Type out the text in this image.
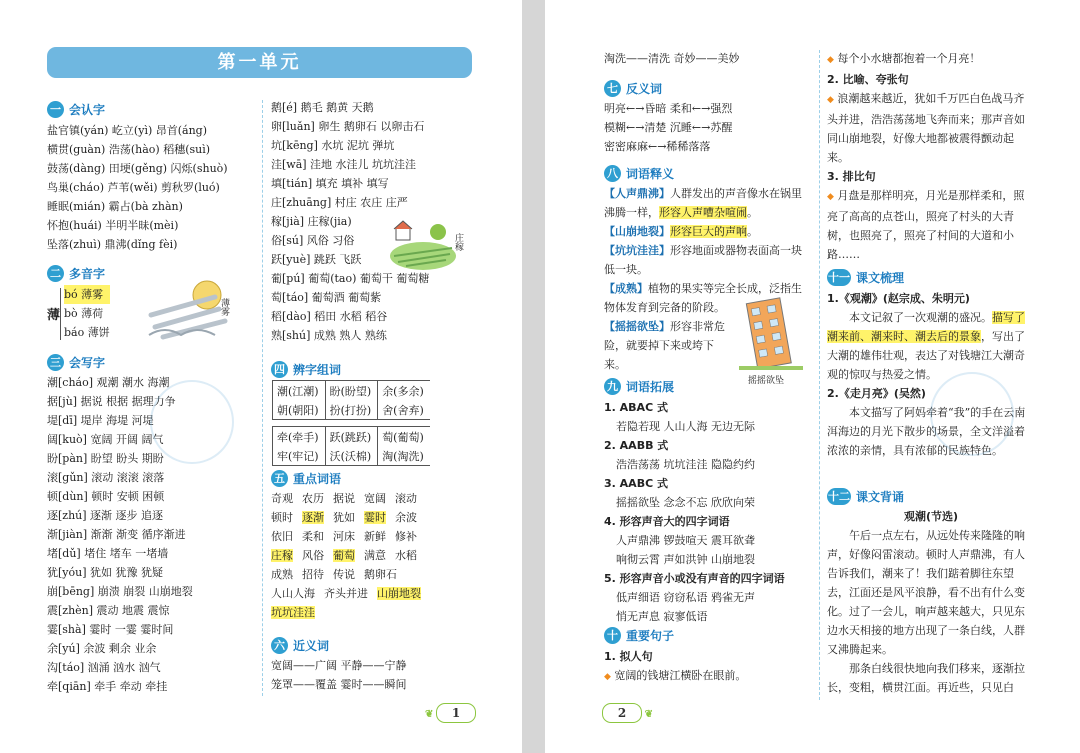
第一单元
一 会认字
盐官镇(yán) 屹立(yì) 昂首(áng)
横贯(guàn) 浩荡(hào) 稻穗(suì)
鼓荡(dàng) 田埂(gěng) 闪烁(shuò)
鸟巢(cháo) 芦苇(wěi) 剪秋罗(luó)
睡眠(mián) 霸占(bà zhàn)
怀抱(huái) 半明半昧(mèi)
坠落(zhuì) 鼎沸(dǐng fèi)
二 多音字
薄
bó 薄雾
bò 薄荷
báo 薄饼
薄雾
三 会写字
潮[cháo] 观潮 潮水 海潮
据[jù] 据说 根据 据理力争
堤[dī] 堤岸 海堤 河堤
阔[kuò] 宽阔 开阔 阔气
盼[pàn] 盼望 盼头 期盼
滚[gǔn] 滚动 滚滚 滚落
顿[dùn] 顿时 安顿 困顿
逐[zhú] 逐渐 逐步 追逐
渐[jiàn] 渐渐 渐变 循序渐进
堵[dǔ] 堵住 堵车 一堵墙
犹[yóu] 犹如 犹豫 犹疑
崩[bēng] 崩溃 崩裂 山崩地裂
震[zhèn] 震动 地震 震惊
霎[shà] 霎时 一霎 霎时间
余[yú] 余波 剩余 业余
沟[táo] 汹涌 汹水 汹气
牵[qiān] 牵手 牵动 牵挂
鹅[é] 鹅毛 鹅黄 天鹅
卵[luǎn] 卵生 鹅卵石 以卵击石
坑[kēng] 水坑 泥坑 弹坑
洼[wā] 洼地 水洼儿 坑坑洼洼
填[tián] 填充 填补 填写
庄[zhuāng] 村庄 农庄 庄严
稼[jià] 庄稼(jia)
俗[sú] 风俗 习俗
跃[yuè] 跳跃 飞跃
葡[pú] 葡萄(tao) 葡萄干 葡萄糖
萄[táo] 葡萄酒 葡萄紫
稻[dào] 稻田 水稻 稻谷
熟[shú] 成熟 熟人 熟练
庄稼
四 辨字组词
潮(江潮)	盼(盼望)	余(多余)
朝(朝阳)	扮(打扮)	舍(舍弃)
牵(牵手)	跃(跳跃)	萄(葡萄)
牢(牢记)	沃(沃棉)	淘(淘洗)
五 重点词语
奇观 农历 据说 宽阔 滚动
顿时 逐渐 犹如 霎时 余波
依旧 柔和 河床 新鲜 修补
庄稼 风俗 葡萄 满意 水稻
成熟 招待 传说 鹅卵石
人山人海 齐头并进 山崩地裂
坑坑洼洼
六 近义词
宽阔——广阔 平静——宁静
笼罩——覆盖 霎时——瞬间
❦ 1
淘洗——清洗 奇妙——美妙
七 反义词
明亮←→昏暗 柔和←→强烈
模糊←→清楚 沉睡←→苏醒
密密麻麻←→稀稀落落
八 词语释义
【人声鼎沸】人群发出的声音像水在锅里沸腾一样，形容人声嘈杂喧闹。
【山崩地裂】形容巨大的声响。
【坑坑洼洼】形容地面或器物表面高一块低一块。
【成熟】植物的果实等完全长成，泛指生物体发育到完备的阶段。
【摇摇欲坠】形容非常危险，就要掉下来或垮下来。
摇摇欲坠
九 词语拓展
1. ABAC 式
若隐若现 人山人海 无边无际
2. AABB 式
浩浩荡荡 坑坑洼洼 隐隐约约
3. AABC 式
摇摇欲坠 念念不忘 欣欣向荣
4. 形容声音大的四字词语
人声鼎沸 锣鼓喧天 震耳欲聋
响彻云霄 声如洪钟 山崩地裂
5. 形容声音小或没有声音的四字词语
低声细语 窃窃私语 鸦雀无声
悄无声息 寂寥低语
十 重要句子
1. 拟人句
◆ 宽阔的钱塘江横卧在眼前。
◆ 每个小水塘都抱着一个月亮！
2. 比喻、夸张句
◆ 浪潮越来越近，犹如千万匹白色战马齐头并进，浩浩荡荡地飞奔而来；那声音如同山崩地裂，好像大地都被震得颤动起来。
3. 排比句
◆ 月盘是那样明亮，月光是那样柔和，照亮了高高的点苍山，照亮了村头的大青树，也照亮了，照亮了村间的大道和小路……
十一 课文梳理
1.《观潮》(赵宗成、朱明元)
本文记叙了一次观潮的盛况。描写了潮来前、潮来时、潮去后的景象，写出了大潮的雄伟壮观，表达了对钱塘江大潮奇观的惊叹与热爱之情。
2.《走月亮》(吴然)
本文描写了阿妈牵着“我”的手在云南洱海边的月光下散步的场景，全文洋溢着浓浓的亲情，具有浓郁的民族特色。
十二 课文背诵
观潮(节选)
午后一点左右，从远处传来隆隆的响声，好像闷雷滚动。顿时人声鼎沸，有人告诉我们，潮来了！我们踮着脚往东望去，江面还是风平浪静，看不出有什么变化。过了一会儿，响声越来越大，只见东边水天相接的地方出现了一条白线，人群又沸腾起来。
那条白线很快地向我们移来，逐渐拉长，变粗，横贯江面。再近些，只见白
2 ❦
